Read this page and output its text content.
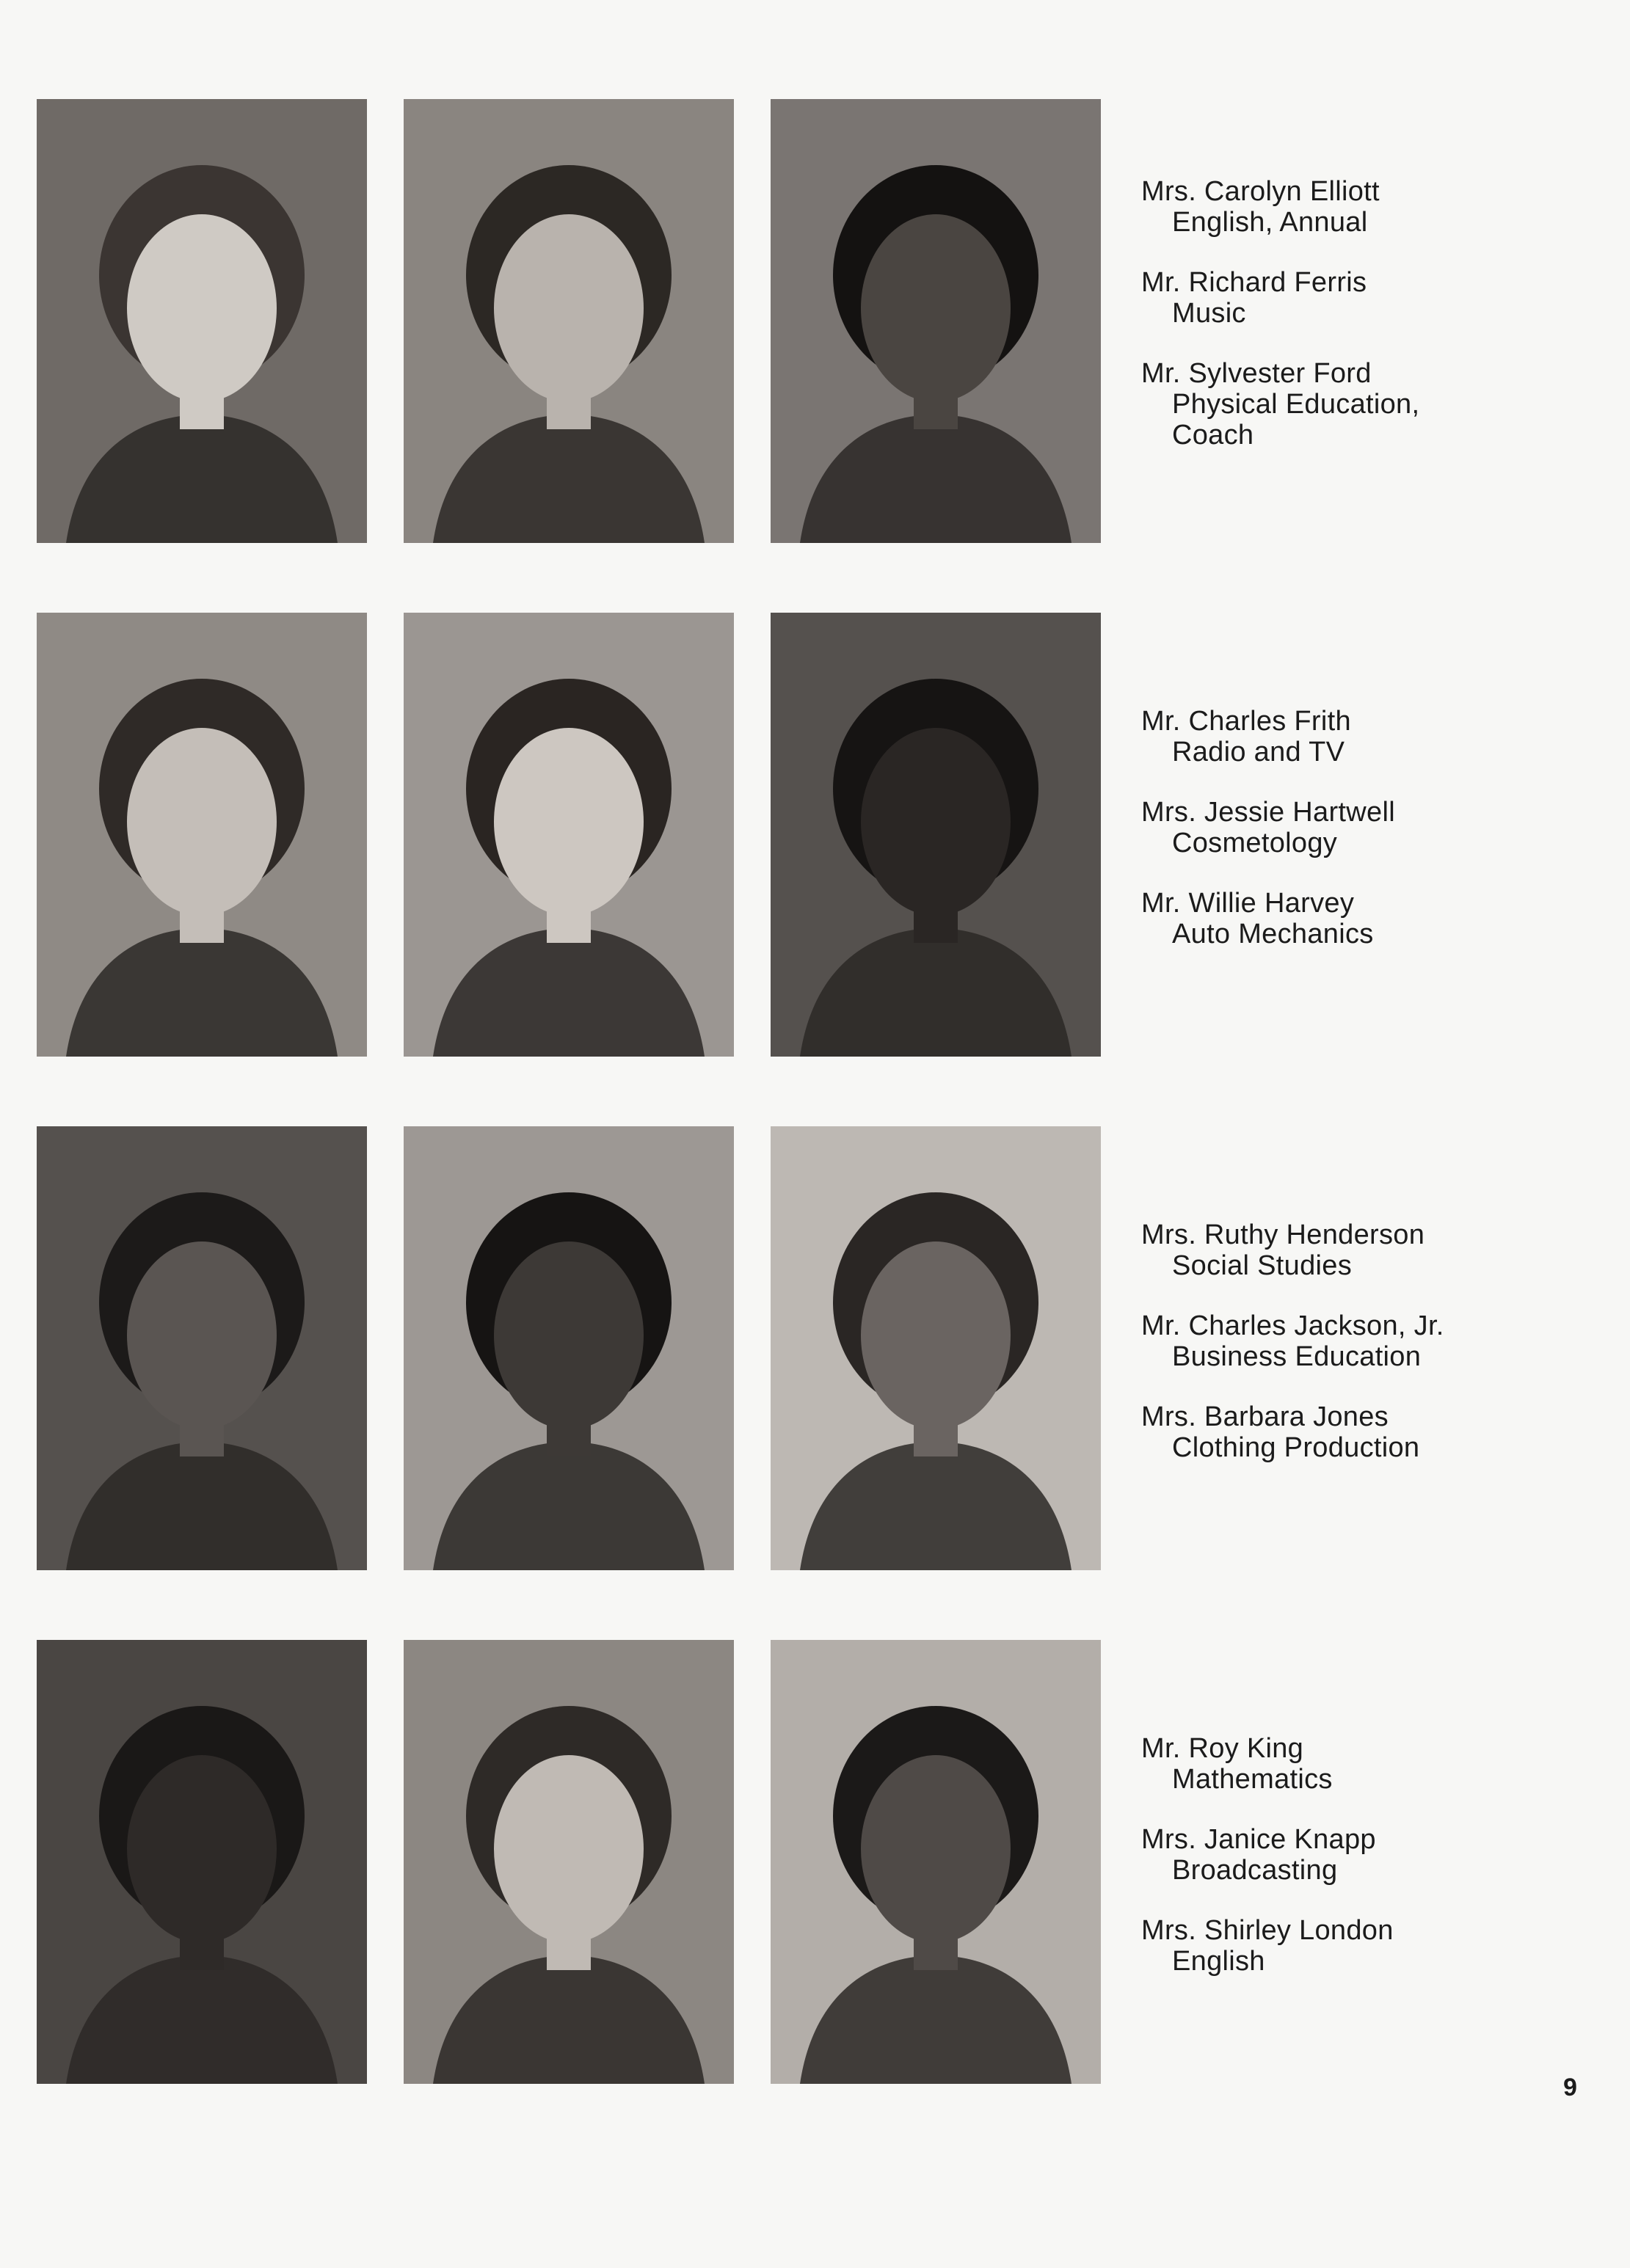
Mrs. Carolyn Elliott
English, Annual
Mr. Richard Ferris
Music
Mr. Sylvester Ford
Physical Education,
Coach
Mr. Charles Frith
Radio and TV
Mrs. Jessie Hartwell
Cosmetology
Mr. Willie Harvey
Auto Mechanics
Mrs. Ruthy Henderson
Social Studies
Mr. Charles Jackson, Jr.
Business Education
Mrs. Barbara Jones
Clothing Production
Mr. Roy King
Mathematics
Mrs. Janice Knapp
Broadcasting
Mrs. Shirley London
English
9
